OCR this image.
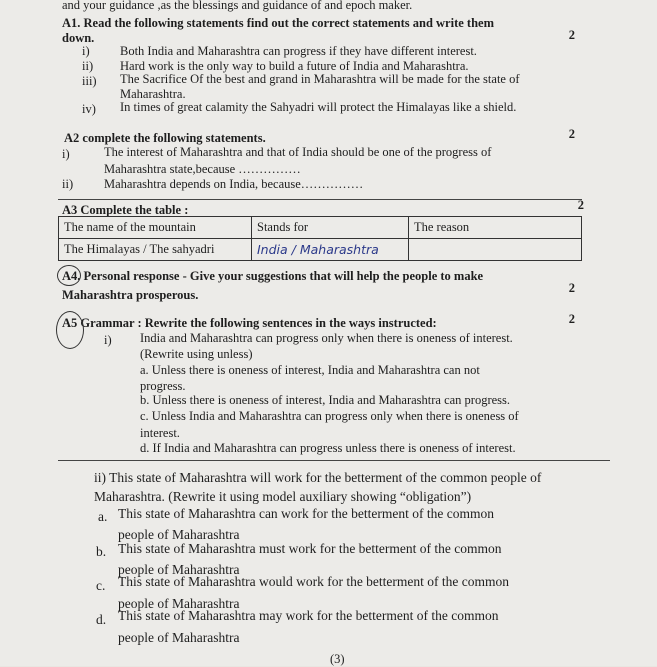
and your guidance ,as the blessings and guidance of and epoch maker.
A1. Read the following statements find out the correct statements and write them
down.	2
i) Both India and Maharashtra can progress if they have different interest.
ii) Hard work is the only way to build a future of India and Maharashtra.
iii) The Sacrifice Of the best and grand in Maharashtra will be made for the state of
Maharashtra.
iv) In times of great calamity the Sahyadri will protect the Himalayas like a shield.
A2 complete the following statements.	2
i)	The interest of Maharashtra and that of India should be one of the progress of
Maharashtra state,because ……………
ii) Maharashtra depends on India, because……………
A3 Complete the table :	2
The name of the mountain	Stands for	The reason
The Himalayas / The sahyadri	India / Maharashtra	
A4. Personal response - Give your suggestions that will help the people to make
Maharashtra prosperous.	2
A5 Grammar : Rewrite the following sentences in the ways instructed:	2
i) India and Maharashtra can progress only when there is oneness of interest.
(Rewrite using unless)
a. Unless there is oneness of interest, India and Maharashtra can not
progress.
b. Unless there is oneness of interest, India and Maharashtra can progress.
c. Unless India and Maharashtra can progress only when there is oneness of
interest.
d. If India and Maharashtra can progress unless there is oneness of interest.
ii) This state of Maharashtra will work for the betterment of the common people of
Maharashtra. (Rewrite it using model auxiliary showing “obligation”)
a. This state of Maharashtra can work for the betterment of the common
people of Maharashtra
b. This state of Maharashtra must work for the betterment of the common
people of Maharashtra
c. This state of Maharashtra would work for the betterment of the common
people of Maharashtra
d. This state of Maharashtra may work for the betterment of the common
people of Maharashtra
(3)
